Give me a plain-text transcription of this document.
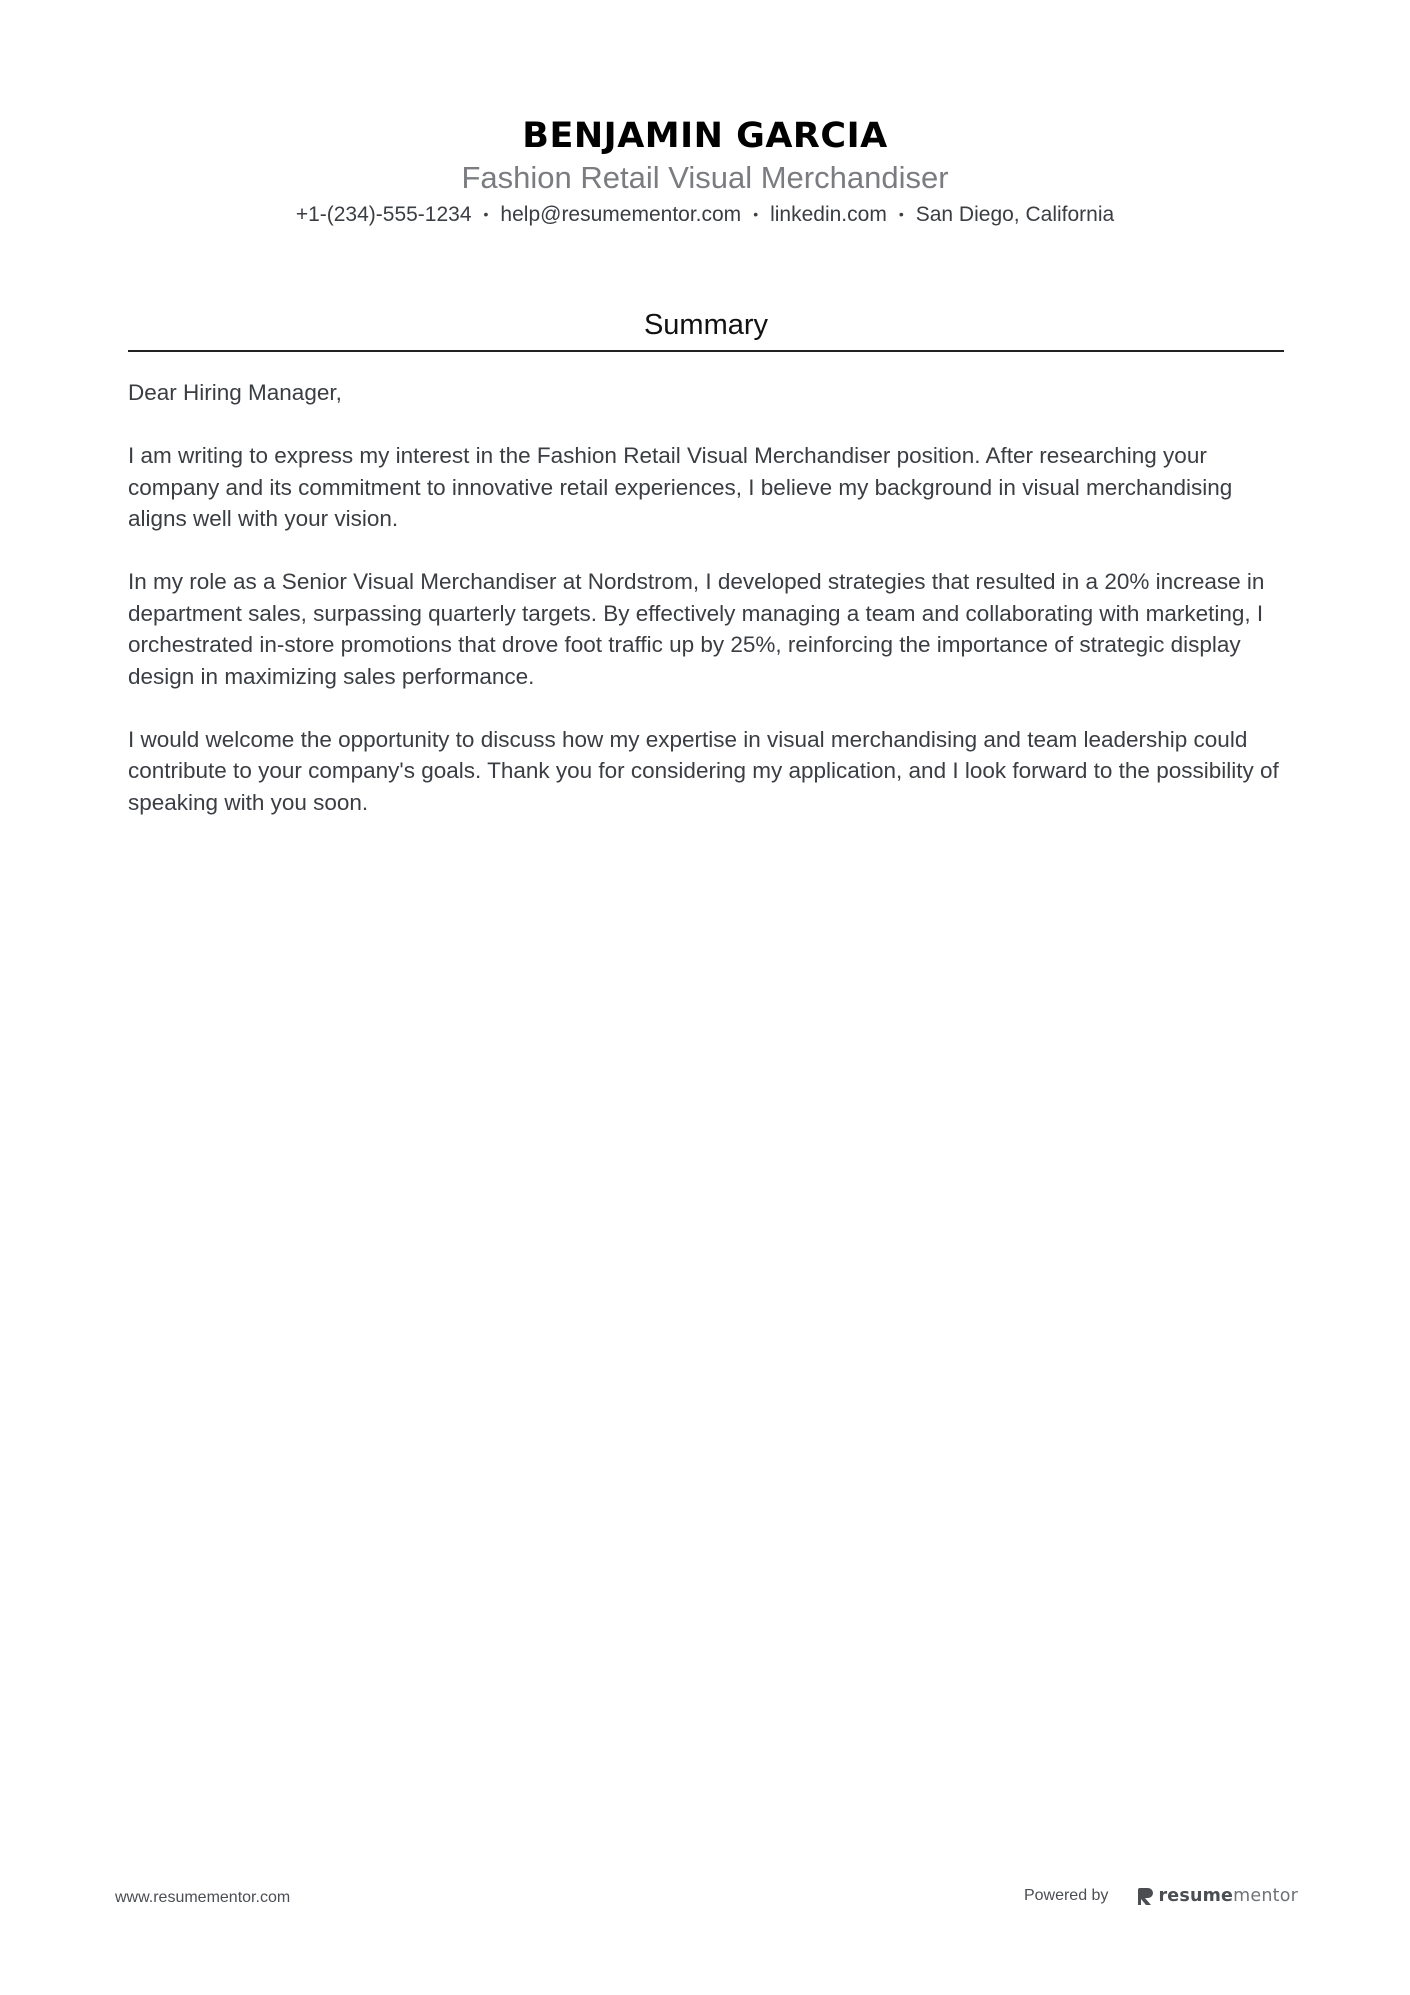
BENJAMIN GARCIA
Fashion Retail Visual Merchandiser
+1-(234)-555-1234 • help@resumementor.com • linkedin.com • San Diego, California
Summary

Dear Hiring Manager,

I am writing to express my interest in the Fashion Retail Visual Merchandiser position. After researching your company and its commitment to innovative retail experiences, I believe my background in visual merchandising aligns well with your vision.

In my role as a Senior Visual Merchandiser at Nordstrom, I developed strategies that resulted in a 20% increase in department sales, surpassing quarterly targets. By effectively managing a team and collaborating with marketing, I orchestrated in-store promotions that drove foot traffic up by 25%, reinforcing the importance of strategic display design in maximizing sales performance.

I would welcome the opportunity to discuss how my expertise in visual merchandising and team leadership could contribute to your company's goals. Thank you for considering my application, and I look forward to the possibility of speaking with you soon.

www.resumementor.com	Powered by	resumementor
